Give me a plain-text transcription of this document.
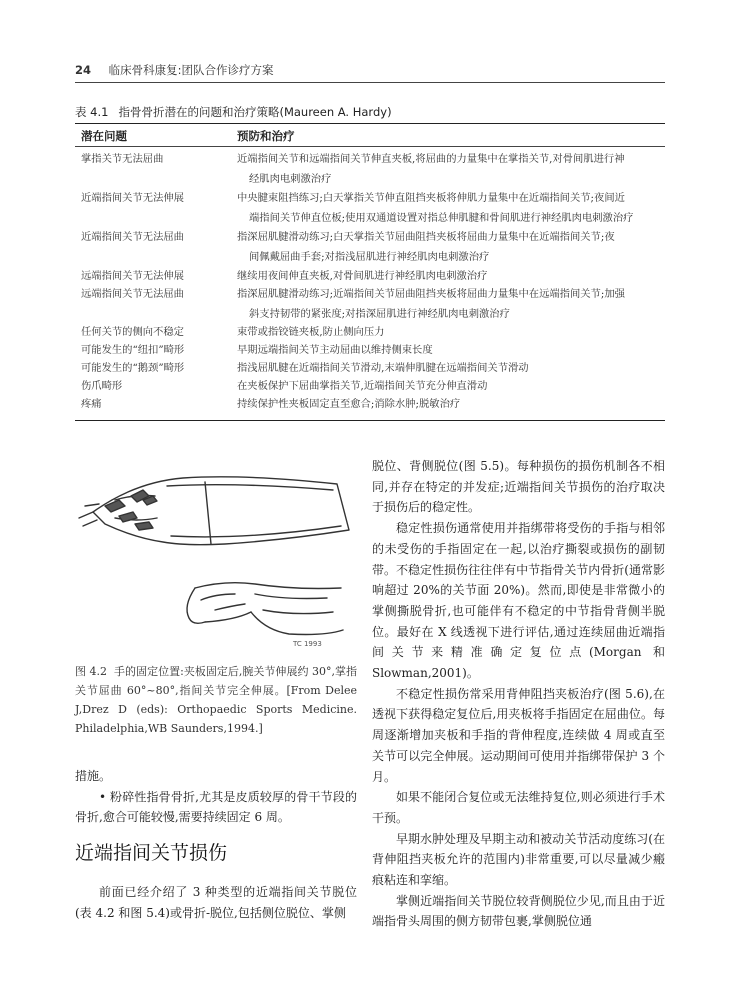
24 临床骨科康复:团队合作诊疗方案
表 4.1 指骨骨折潜在的问题和治疗策略(Maureen A. Hardy)
潜在问题	预防和治疗
掌指关节无法屈曲	近端指间关节和远端指间关节伸直夹板,将屈曲的力量集中在掌指关节,对骨间肌进行神
经肌肉电刺激治疗
近端指间关节无法伸展	中央腱束阻挡练习;白天掌指关节伸直阻挡夹板将伸肌力量集中在近端指间关节;夜间近
端指间关节伸直位板;使用双通道设置对指总伸肌腱和骨间肌进行神经肌肉电刺激治疗
近端指间关节无法屈曲	指深屈肌腱滑动练习;白天掌指关节屈曲阻挡夹板将屈曲力量集中在近端指间关节;夜
间佩戴屈曲手套;对指浅屈肌进行神经肌肉电刺激治疗
远端指间关节无法伸展	继续用夜间伸直夹板,对骨间肌进行神经肌肉电刺激治疗
远端指间关节无法屈曲	指深屈肌腱滑动练习;近端指间关节屈曲阻挡夹板将屈曲力量集中在远端指间关节;加强
斜支持韧带的紧张度;对指深屈肌进行神经肌肉电刺激治疗
任何关节的侧向不稳定	束带或指铰链夹板,防止侧向压力
可能发生的“纽扣”畸形	早期远端指间关节主动屈曲以维持侧束长度
可能发生的“鹅颈”畸形	指浅屈肌腱在近端指间关节滑动,末端伸肌腱在远端指间关节滑动
伤爪畸形	在夹板保护下屈曲掌指关节,近端指间关节充分伸直滑动
疼痛	持续保护性夹板固定直至愈合;消除水肿;脱敏治疗
TC 1993
图 4.2 手的固定位置:夹板固定后,腕关节伸展约 30°,掌指关节屈曲 60°~80°,指间关节完全伸展。[From Delee J,Drez D (eds): Orthopaedic Sports Medicine. Philadelphia,WB Saunders,1994.]

措施。

• 粉碎性指骨骨折,尤其是皮质较厚的骨干节段的骨折,愈合可能较慢,需要持续固定 6 周。

近端指间关节损伤

前面已经介绍了 3 种类型的近端指间关节脱位(表 4.2 和图 5.4)或骨折-脱位,包括侧位脱位、掌侧

脱位、背侧脱位(图 5.5)。每种损伤的损伤机制各不相同,并存在特定的并发症;近端指间关节损伤的治疗取决于损伤后的稳定性。

稳定性损伤通常使用并指绑带将受伤的手指与相邻的未受伤的手指固定在一起,以治疗撕裂或损伤的副韧带。不稳定性损伤往往伴有中节指骨关节内骨折(通常影响超过 20%的关节面 20%)。然而,即使是非常微小的掌侧撕脱骨折,也可能伴有不稳定的中节指骨背侧半脱位。最好在 X 线透视下进行评估,通过连续屈曲近端指间关节来精准确定复位点(Morgan 和 Slowman,2001)。

不稳定性损伤常采用背伸阻挡夹板治疗(图 5.6),在透视下获得稳定复位后,用夹板将手指固定在屈曲位。每周逐渐增加夹板和手指的背伸程度,连续做 4 周或直至关节可以完全伸展。运动期间可使用并指绑带保护 3 个月。

如果不能闭合复位或无法维持复位,则必须进行手术干预。

早期水肿处理及早期主动和被动关节活动度练习(在背伸阻挡夹板允许的范围内)非常重要,可以尽量减少瘢痕粘连和挛缩。

掌侧近端指间关节脱位较背侧脱位少见,而且由于近端指骨头周围的侧方韧带包裹,掌侧脱位通
